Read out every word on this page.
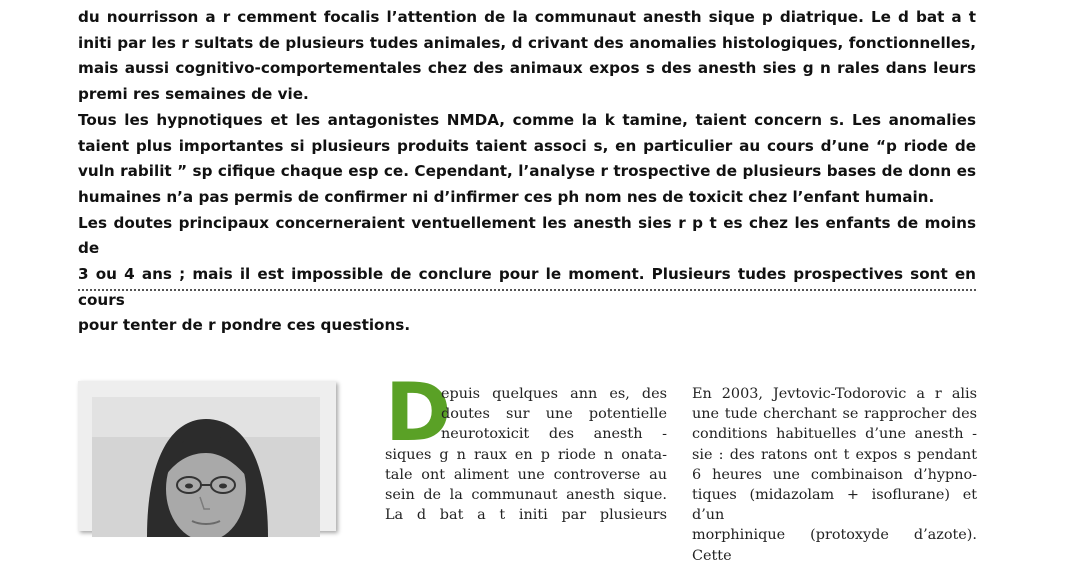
du nourrisson a r cemment focalis l’attention de la communaut anesth sique p diatrique. Le d bat a t
initi par les r sultats de plusieurs tudes animales, d crivant des anomalies histologiques, fonctionnelles,
mais aussi cognitivo-comportementales chez des animaux expos s des anesth sies g n rales dans leurs
premi res semaines de vie.

Tous les hypnotiques et les antagonistes NMDA, comme la k tamine, taient concern s. Les anomalies
taient plus importantes si plusieurs produits taient associ s, en particulier au cours d’une “p riode de
vuln rabilit ” sp cifique chaque esp ce. Cependant, l’analyse r trospective de plusieurs bases de donn es
humaines n’a pas permis de confirmer ni d’infirmer ces ph nom nes de toxicit chez l’enfant humain.

Les doutes principaux concerneraient ventuellement les anesth sies r p t es chez les enfants de moins de
3 ou 4 ans ; mais il est impossible de conclure pour le moment. Plusieurs tudes prospectives sont en cours
pour tenter de r pondre ces questions.

D
epuis quelques ann es, des
doutes sur une potentielle
neurotoxicit des anesth -
siques g n raux en p riode n onata-
tale ont aliment une controverse au
sein de la communaut anesth sique.
La d bat a t initi par plusieurs
En 2003, Jevtovic-Todorovic a r alis
une tude cherchant se rapprocher des
conditions habituelles d’une anesth -
sie : des ratons ont t expos s pendant
6 heures une combinaison d’hypno-
tiques (midazolam + isoflurane) et d’un
morphinique (protoxyde d’azote). Cette
